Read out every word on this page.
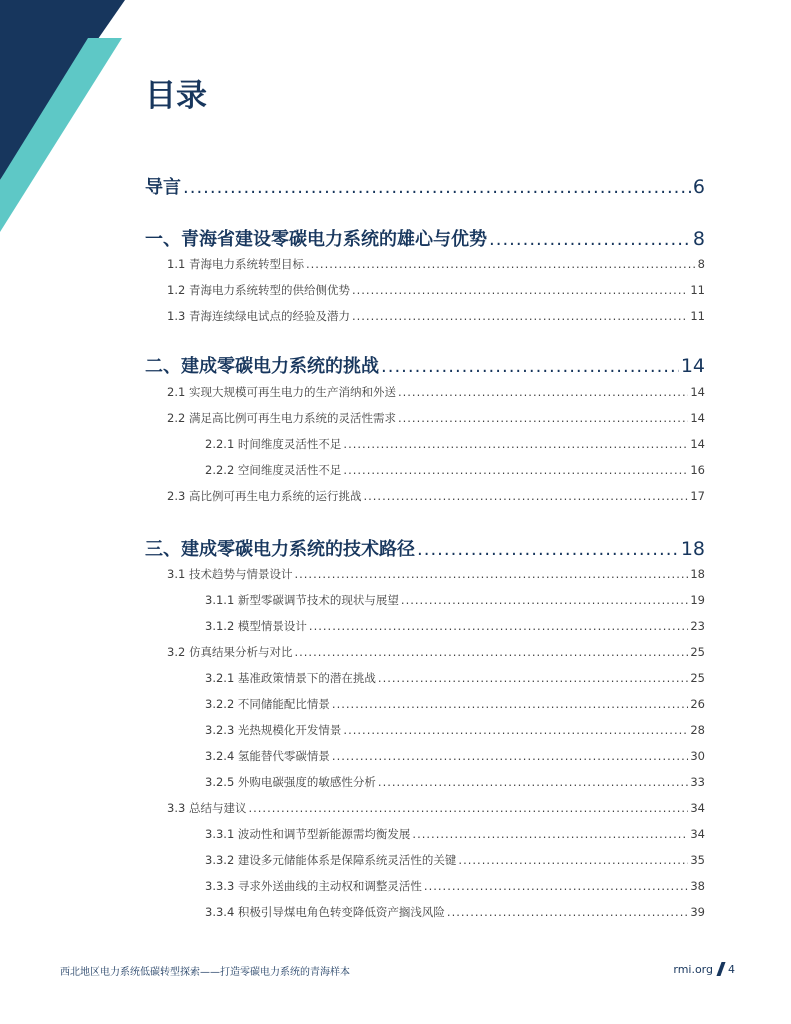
目录
导言 .....	6
一、青海省建设零碳电力系统的雄心与优势 .....	8
1.1 青海电力系统转型目标 .....	8
1.2 青海电力系统转型的供给侧优势 .....	11
1.3 青海连续绿电试点的经验及潜力 .....	11
二、建成零碳电力系统的挑战 .....	14
2.1 实现大规模可再生电力的生产消纳和外送 .....	14
2.2 满足高比例可再生电力系统的灵活性需求 .....	14
2.2.1 时间维度灵活性不足 .....	14
2.2.2 空间维度灵活性不足 .....	16
2.3 高比例可再生电力系统的运行挑战 .....	17
三、建成零碳电力系统的技术路径 .....	18
3.1 技术趋势与情景设计 .....	18
3.1.1 新型零碳调节技术的现状与展望 .....	19
3.1.2 模型情景设计 .....	23
3.2 仿真结果分析与对比 .....	25
3.2.1 基准政策情景下的潜在挑战 .....	25
3.2.2 不同储能配比情景 .....	26
3.2.3 光热规模化开发情景 .....	28
3.2.4 氢能替代零碳情景 .....	30
3.2.5 外购电碳强度的敏感性分析 .....	33
3.3 总结与建议 .....	34
3.3.1 波动性和调节型新能源需均衡发展 .....	34
3.3.2 建设多元储能体系是保障系统灵活性的关键 .....	35
3.3.3 寻求外送曲线的主动权和调整灵活性 .....	38
3.3.4 积极引导煤电角色转变降低资产搁浅风险 .....	39
西北地区电力系统低碳转型探索——打造零碳电力系统的青海样本	rmi.org 4
